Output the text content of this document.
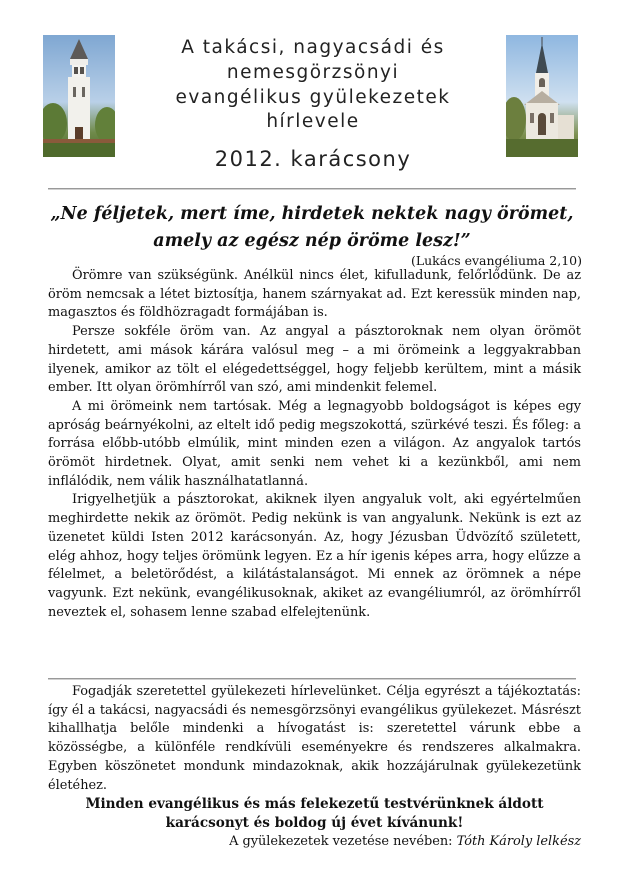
A takácsi, nagyacsádi és
nemesgörzsönyi
evangélikus gyülekezetek
hírlevele
2012. karácsony
„Ne féljetek, mert íme, hirdetek nektek nagy örömet,
amely az egész nép öröme lesz!”
(Lukács evangéliuma 2,10)

Örömre van szükségünk. Anélkül nincs élet, kifulladunk, felőrlődünk. De az öröm nemcsak a létet biztosítja, hanem szárnyakat ad. Ezt keressük minden nap, magasztos és földhözragadt formájában is.

Persze sokféle öröm van. Az angyal a pásztoroknak nem olyan örömöt hirdetett, ami mások kárára valósul meg – a mi örömeink a leggyakrabban ilyenek, amikor az tölt el elégedettséggel, hogy feljebb kerültem, mint a másik ember. Itt olyan örömhírről van szó, ami mindenkit felemel.

A mi örömeink nem tartósak. Még a legnagyobb boldogságot is képes egy apróság beárnyékolni, az eltelt idő pedig megszokottá, szürkévé teszi. És főleg: a forrása előbb-utóbb elmúlik, mint minden ezen a világon. Az angyalok tartós örömöt hirdetnek. Olyat, amit senki nem vehet ki a kezünkből, ami nem inflálódik, nem válik használhatatlanná.

Irigyelhetjük a pásztorokat, akiknek ilyen angyaluk volt, aki egyértelműen meghirdette nekik az örömöt. Pedig nekünk is van angyalunk. Nekünk is ezt az üzenetet küldi Isten 2012 karácsonyán. Az, hogy Jézusban Üdvözítő született, elég ahhoz, hogy teljes örömünk legyen. Ez a hír igenis képes arra, hogy elűzze a félelmet, a beletörődést, a kilátástalanságot. Mi ennek az örömnek a népe vagyunk. Ezt nekünk, evangélikusoknak, akiket az evangéliumról, az örömhírről neveztek el, sohasem lenne szabad elfelejtenünk.

Fogadják szeretettel gyülekezeti hírlevelünket. Célja egyrészt a tájékoztatás: így él a takácsi, nagyacsádi és nemesgörzsönyi evangélikus gyülekezet. Másrészt kihallhatja belőle mindenki a hívogatást is: szeretettel várunk ebbe a közösségbe, a különféle rendkívüli eseményekre és rendszeres alkalmakra. Egyben köszönetet mondunk mindazoknak, akik hozzájárulnak gyülekezetünk életéhez.

Minden evangélikus és más felekezetű testvérünknek áldott karácsonyt és boldog új évet kívánunk!

A gyülekezetek vezetése nevében: Tóth Károly lelkész
